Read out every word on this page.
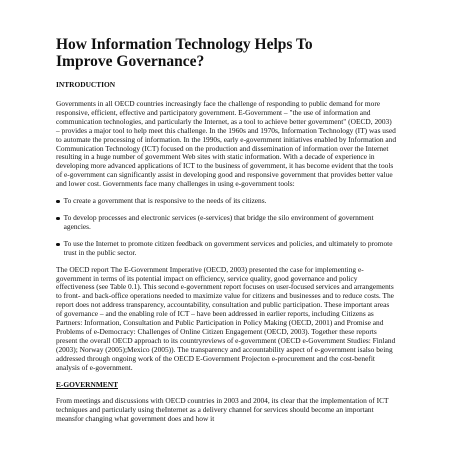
How Information Technology Helps To
Improve Governance?
INTRODUCTION

Governments in all OECD countries increasingly face the challenge of responding to public demand for more responsive, efficient, effective and participatory government. E-Government – "the use of information and communication technologies, and particularly the Internet, as a tool to achieve better government" (OECD, 2003) – provides a major tool to help meet this challenge. In the 1960s and 1970s, Information Technology (IT) was used to automate the processing of information. In the 1990s, early e-government initiatives enabled by Information and Communication Technology (ICT) focused on the production and dissemination of information over the Internet resulting in a huge number of government Web sites with static information. With a decade of experience in developing more advanced applications of ICT to the business of government, it has become evident that the tools of e-government can significantly assist in developing good and responsive government that provides better value and lower cost. Governments face many challenges in using e-government tools:

To create a government that is responsive to the needs of its citizens.
To develop processes and electronic services (e-services) that bridge the silo environment of government agencies.
To use the Internet to promote citizen feedback on government services and policies, and ultimately to promote trust in the public sector.

The OECD report The E-Government Imperative (OECD, 2003) presented the case for implementing e-government in terms of its potential impact on efficiency, service quality, good governance and policy effectiveness (see Table 0.1). This second e-government report focuses on user-focused services and arrangements to front- and back-office operations needed to maximize value for citizens and businesses and to reduce costs. The report does not address transparency, accountability, consultation and public participation. These important areas of governance – and the enabling role of ICT – have been addressed in earlier reports, including Citizens as Partners: Information, Consultation and Public Participation in Policy Making (OECD, 2001) and Promise and Problems of e-Democracy: Challenges of Online Citizen Engagement (OECD, 2003). Together these reports present the overall OECD approach to its countryreviews of e-government (OECD e-Government Studies: Finland (2003); Norway (2005);Mexico (2005)). The transparency and accountability aspect of e-government isalso being addressed through ongoing work of the OECD E-Government Projecton e-procurement and the cost-benefit analysis of e-government.

E-GOVERNMENT

From meetings and discussions with OECD countries in 2003 and 2004, its clear that the implementation of ICT techniques and particularly using theInternet as a delivery channel for services should become an important meansfor changing what government does and how it
